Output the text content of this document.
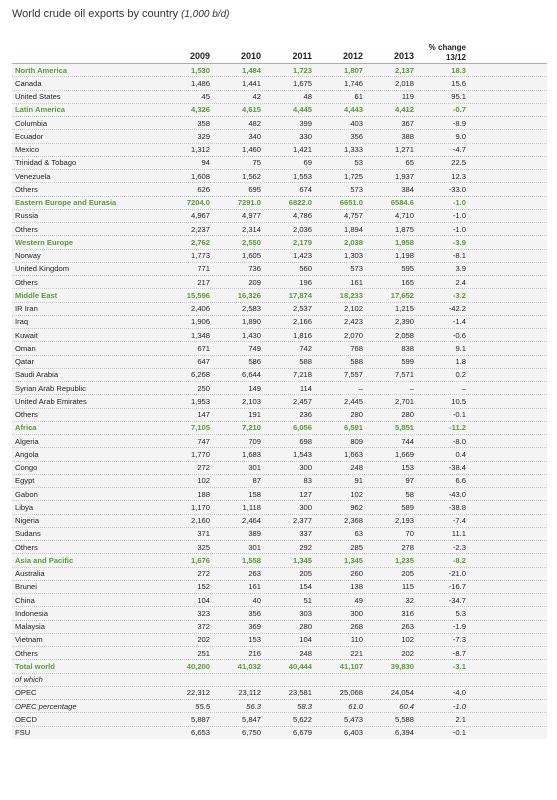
World crude oil exports by country (1,000 b/d)
2009	2010	2011	2012	2013
% change
13/12
North America	1,530	1,484	1,723	1,807	2,137	18.3
Canada	1,486	1,441	1,675	1,746	2,018	15.6
United States	45	42	48	61	119	95.1
Latin America	4,326	4,615	4,445	4,443	4,412	-0.7
Columbia	358	482	399	403	367	-8.9
Ecuador	329	340	330	356	388	9.0
Mexico	1,312	1,460	1,421	1,333	1,271	-4.7
Trinidad & Tobago	94	75	69	53	65	22.5
Venezuela	1,608	1,562	1,553	1,725	1,937	12.3
Others	626	695	674	573	384	-33.0
Eastern Europe and Eurasia	7204.0	7291.0	6822.0	6651.0	6584.6	-1.0
Russia	4,967	4,977	4,786	4,757	4,710	-1.0
Others	2,237	2,314	2,036	1,894	1,875	-1.0
Western Europe	2,762	2,550	2,179	2,038	1,958	-3.9
Norway	1,773	1,605	1,423	1,303	1,198	-8.1
United Kingdom	771	736	560	573	595	3.9
Others	217	209	196	161	165	2.4
Middle East	15,596	16,326	17,874	18,233	17,652	-3.2
IR Iran	2,406	2,583	2,537	2,102	1,215	-42.2
Iraq	1,906	1,890	2,166	2,423	2,390	-1.4
Kuwait	1,348	1,430	1,816	2,070	2,058	-0.6
Oman	671	749	742	768	838	9.1
Qatar	647	586	588	588	599	1.8
Saudi Arabia	6,268	6,644	7,218	7,557	7,571	0.2
Syrian Arab Republic	250	149	114	–	–	–
United Arab Emirates	1,953	2,103	2,457	2,445	2,701	10.5
Others	147	191	236	280	280	-0.1
Africa	7,105	7,210	6,056	6,591	5,851	-11.2
Algeria	747	709	698	809	744	-8.0
Angola	1,770	1,683	1,543	1,663	1,669	0.4
Congo	272	301	300	248	153	-38.4
Egypt	102	87	83	91	97	6.6
Gabon	188	158	127	102	58	-43.0
Libya	1,170	1,118	300	962	589	-38.8
Nigeria	2,160	2,464	2,377	2,368	2,193	-7.4
Sudans	371	389	337	63	70	11.1
Others	325	301	292	285	278	-2.3
Asia and Pacific	1,676	1,558	1,345	1,345	1,235	-8.2
Australia	272	263	205	260	205	-21.0
Brunei	152	161	154	138	115	-16.7
China	104	40	51	49	32	-34.7
Indonesia	323	356	303	300	316	5.3
Malaysia	372	369	280	268	263	-1.9
Vietnam	202	153	104	110	102	-7.3
Others	251	216	248	221	202	-8.7
Total world	40,200	41,032	40,444	41,107	39,830	-3.1
of which
OPEC	22,312	23,112	23,581	25,068	24,054	-4.0
OPEC percentage	55.5	56.3	58.3	61.0	60.4	-1.0
OECD	5,887	5,847	5,622	5,473	5,588	2.1
FSU	6,653	6,750	6,679	6,403	6,394	-0.1
